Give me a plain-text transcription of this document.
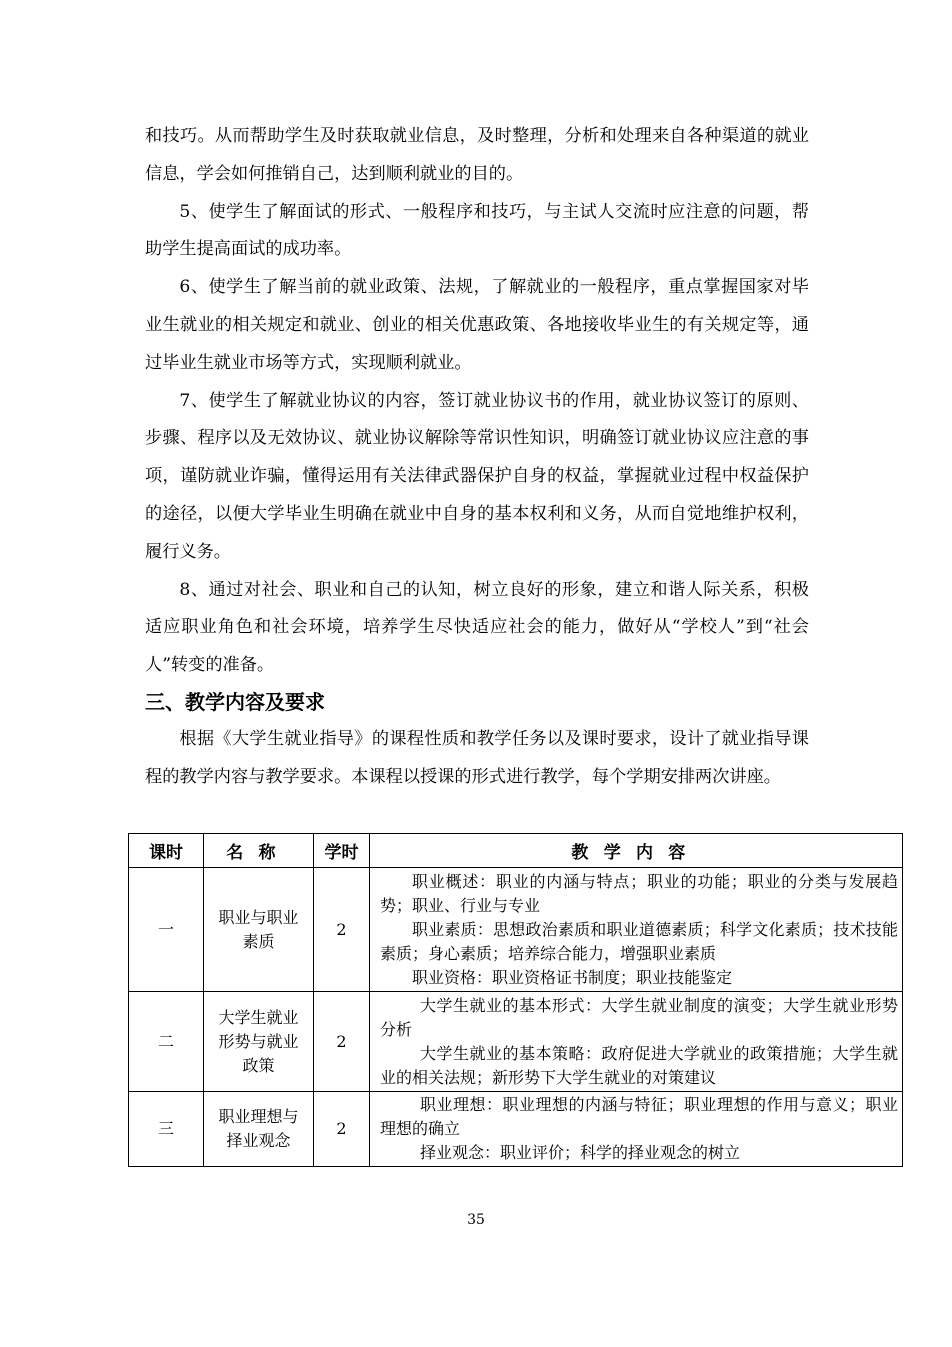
和技巧。从而帮助学生及时获取就业信息，及时整理，分析和处理来自各种渠道的就业信息，学会如何推销自己，达到顺利就业的目的。

5、使学生了解面试的形式、一般程序和技巧，与主试人交流时应注意的问题，帮助学生提高面试的成功率。

6、使学生了解当前的就业政策、法规，了解就业的一般程序，重点掌握国家对毕业生就业的相关规定和就业、创业的相关优惠政策、各地接收毕业生的有关规定等，通过毕业生就业市场等方式，实现顺利就业。

7、使学生了解就业协议的内容，签订就业协议书的作用，就业协议签订的原则、步骤、程序以及无效协议、就业协议解除等常识性知识，明确签订就业协议应注意的事项，谨防就业诈骗，懂得运用有关法律武器保护自身的权益，掌握就业过程中权益保护的途径，以便大学毕业生明确在就业中自身的基本权利和义务，从而自觉地维护权利，履行义务。

8、通过对社会、职业和自己的认知，树立良好的形象，建立和谐人际关系，积极适应职业角色和社会环境，培养学生尽快适应社会的能力，做好从“学校人”到“社会人”转变的准备。

三、教学内容及要求

根据《大学生就业指导》的课程性质和教学任务以及课时要求，设计了就业指导课程的教学内容与教学要求。本课程以授课的形式进行教学，每个学期安排两次讲座。

课时	名称	学时	教学内容
一	职业与职业素质	2	职业概述：职业的内涵与特点；职业的功能；职业的分类与发展趋势；职业、行业与专业

职业素质：思想政治素质和职业道德素质；科学文化素质；技术技能素质；身心素质；培养综合能力，增强职业素质

职业资格：职业资格证书制度；职业技能鉴定

二	大学生就业形势与就业政策	2	大学生就业的基本形式：大学生就业制度的演变；大学生就业形势分析

大学生就业的基本策略：政府促进大学就业的政策措施；大学生就业的相关法规；新形势下大学生就业的对策建议

三	职业理想与择业观念	2	职业理想：职业理想的内涵与特征；职业理想的作用与意义；职业理想的确立

择业观念：职业评价；科学的择业观念的树立

35
